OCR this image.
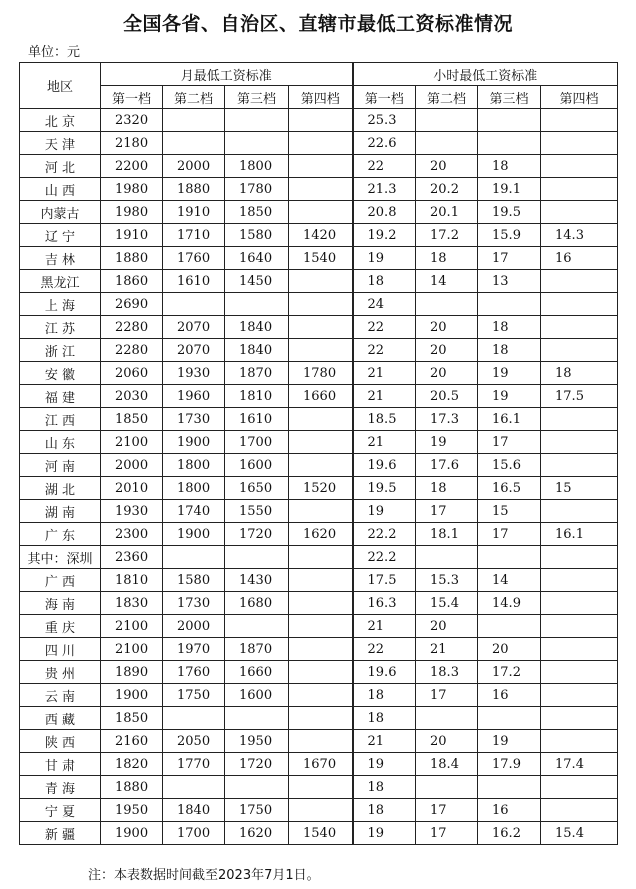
全国各省、自治区、直辖市最低工资标准情况
单位：元
地区	月最低工资标准				小时最低工资标准			
	第一档	第二档	第三档	第四档	第一档	第二档	第三档	第四档
北 京	2320				25.3			
天 津	2180				22.6			
河 北	2200	2000	1800		22	20	18	
山 西	1980	1880	1780		21.3	20.2	19.1	
内蒙古	1980	1910	1850		20.8	20.1	19.5	
辽 宁	1910	1710	1580	1420	19.2	17.2	15.9	14.3
吉 林	1880	1760	1640	1540	19	18	17	16
黑龙江	1860	1610	1450		18	14	13	
上 海	2690				24			
江 苏	2280	2070	1840		22	20	18	
浙 江	2280	2070	1840		22	20	18	
安 徽	2060	1930	1870	1780	21	20	19	18
福 建	2030	1960	1810	1660	21	20.5	19	17.5
江 西	1850	1730	1610		18.5	17.3	16.1	
山 东	2100	1900	1700		21	19	17	
河 南	2000	1800	1600		19.6	17.6	15.6	
湖 北	2010	1800	1650	1520	19.5	18	16.5	15
湖 南	1930	1740	1550		19	17	15	
广 东	2300	1900	1720	1620	22.2	18.1	17	16.1
其中：深圳	2360				22.2			
广 西	1810	1580	1430		17.5	15.3	14	
海 南	1830	1730	1680		16.3	15.4	14.9	
重 庆	2100	2000			21	20		
四 川	2100	1970	1870		22	21	20	
贵 州	1890	1760	1660		19.6	18.3	17.2	
云 南	1900	1750	1600		18	17	16	
西 藏	1850				18			
陕 西	2160	2050	1950		21	20	19	
甘 肃	1820	1770	1720	1670	19	18.4	17.9	17.4
青 海	1880				18			
宁 夏	1950	1840	1750		18	17	16	
新 疆	1900	1700	1620	1540	19	17	16.2	15.4
注：本表数据时间截至2023年7月1日。
